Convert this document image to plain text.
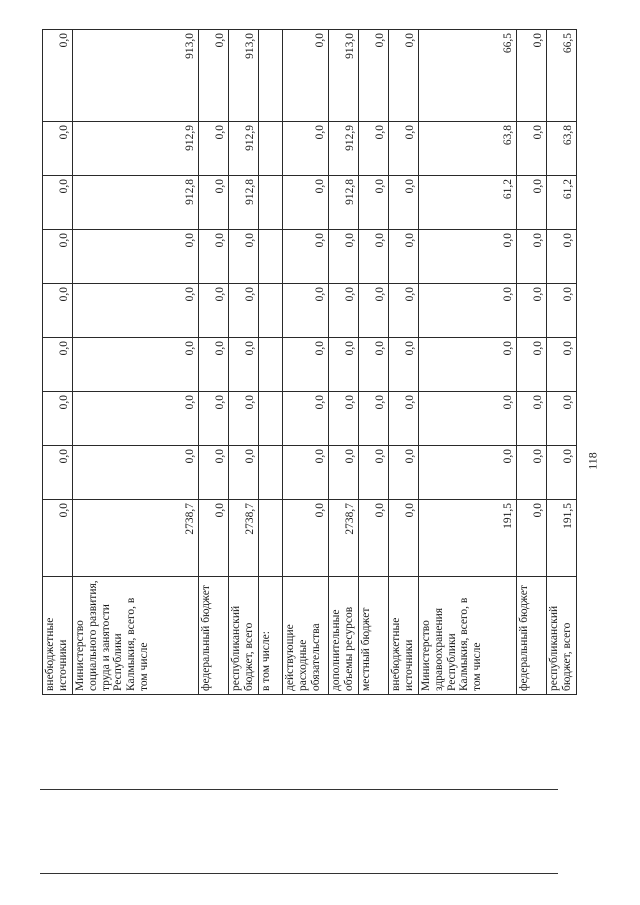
внебюджетные источники	0,0	0,0	0,0	0,0	0,0	0,0	0,0	0,0	0,0
Министерство социального развития, труда и занятости Республики Калмыкия, всего, в том числе	2738,7	0,0	0,0	0,0	0,0	0,0	912,8	912,9	913,0
федеральный бюджет	0,0	0,0	0,0	0,0	0,0	0,0	0,0	0,0	0,0
республиканский бюджет, всего	2738,7	0,0	0,0	0,0	0,0	0,0	912,8	912,9	913,0
в том числе:									
действующие расходные обязательства	0,0	0,0	0,0	0,0	0,0	0,0	0,0	0,0	0,0
дополнительные объемы ресурсов	2738,7	0,0	0,0	0,0	0,0	0,0	912,8	912,9	913,0
местный бюджет	0,0	0,0	0,0	0,0	0,0	0,0	0,0	0,0	0,0
внебюджетные источники	0,0	0,0	0,0	0,0	0,0	0,0	0,0	0,0	0,0
Министерство здравоохранения Республики Калмыкия, всего, в том числе	191,5	0,0	0,0	0,0	0,0	0,0	61,2	63,8	66,5
федеральный бюджет	0,0	0,0	0,0	0,0	0,0	0,0	0,0	0,0	0,0
республиканский бюджет, всего	191,5	0,0	0,0	0,0	0,0	0,0	61,2	63,8	66,5
118
